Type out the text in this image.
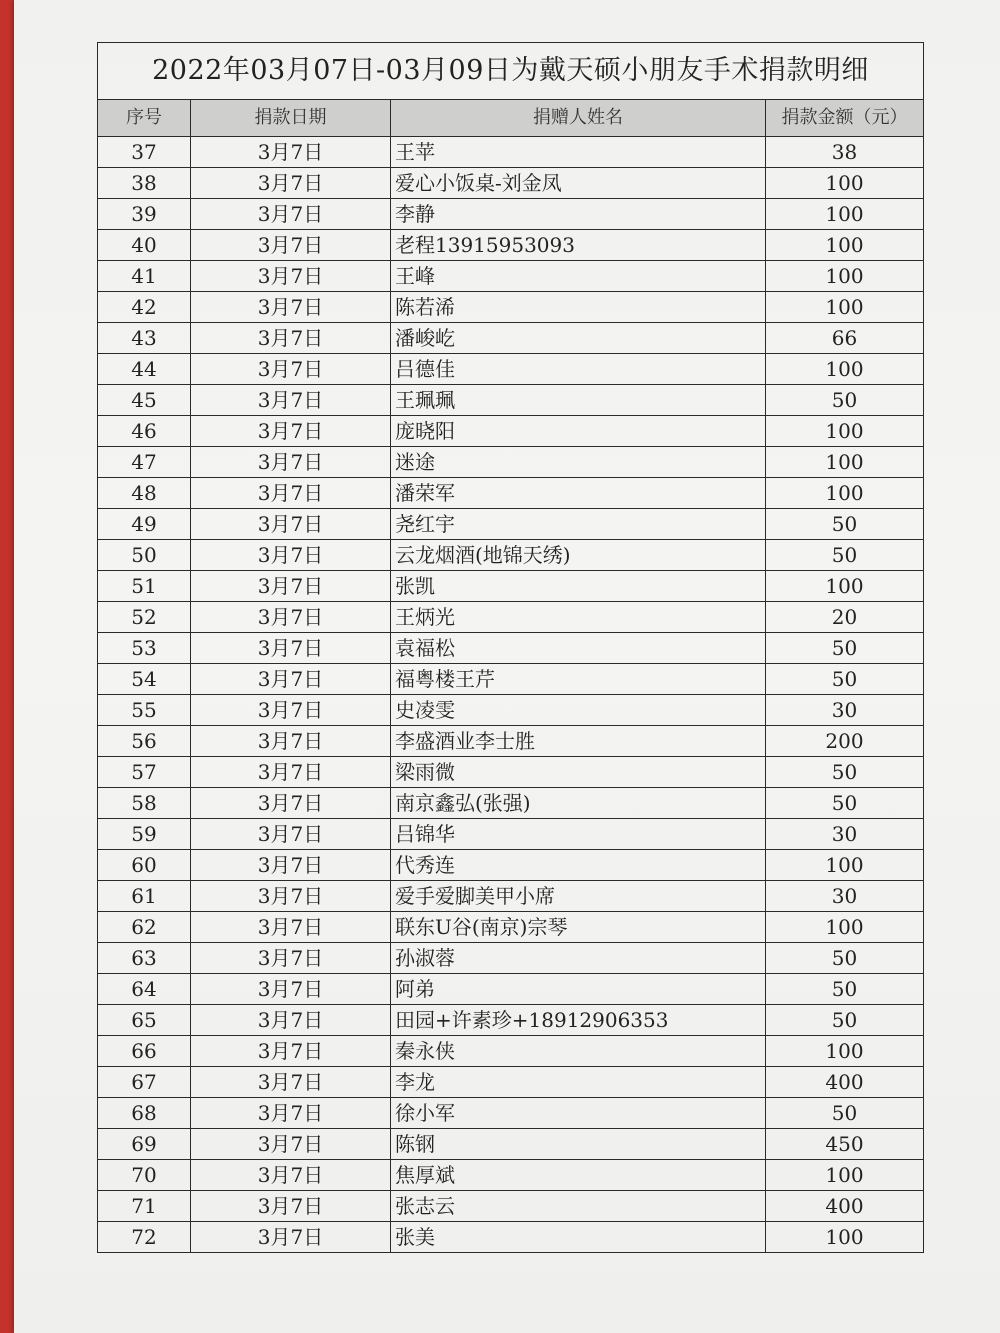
2022年03月07日-03月09日为戴天硕小朋友手术捐款明细			
序号	捐款日期	捐赠人姓名	捐款金额（元）
37	3月7日	王苹	38
38	3月7日	爱心小饭桌-刘金凤	100
39	3月7日	李静	100
40	3月7日	老程13915953093	100
41	3月7日	王峰	100
42	3月7日	陈若浠	100
43	3月7日	潘峻屹	66
44	3月7日	吕德佳	100
45	3月7日	王珮珮	50
46	3月7日	庞晓阳	100
47	3月7日	迷途	100
48	3月7日	潘荣军	100
49	3月7日	尧红宇	50
50	3月7日	云龙烟酒(地锦天绣)	50
51	3月7日	张凯	100
52	3月7日	王炳光	20
53	3月7日	袁福松	50
54	3月7日	福粤楼王芹	50
55	3月7日	史凌雯	30
56	3月7日	李盛酒业李士胜	200
57	3月7日	梁雨微	50
58	3月7日	南京鑫弘(张强)	50
59	3月7日	吕锦华	30
60	3月7日	代秀连	100
61	3月7日	爱手爱脚美甲小席	30
62	3月7日	联东U谷(南京)宗琴	100
63	3月7日	孙淑蓉	50
64	3月7日	阿弟	50
65	3月7日	田园+许素珍+18912906353	50
66	3月7日	秦永侠	100
67	3月7日	李龙	400
68	3月7日	徐小军	50
69	3月7日	陈钢	450
70	3月7日	焦厚斌	100
71	3月7日	张志云	400
72	3月7日	张美	100
